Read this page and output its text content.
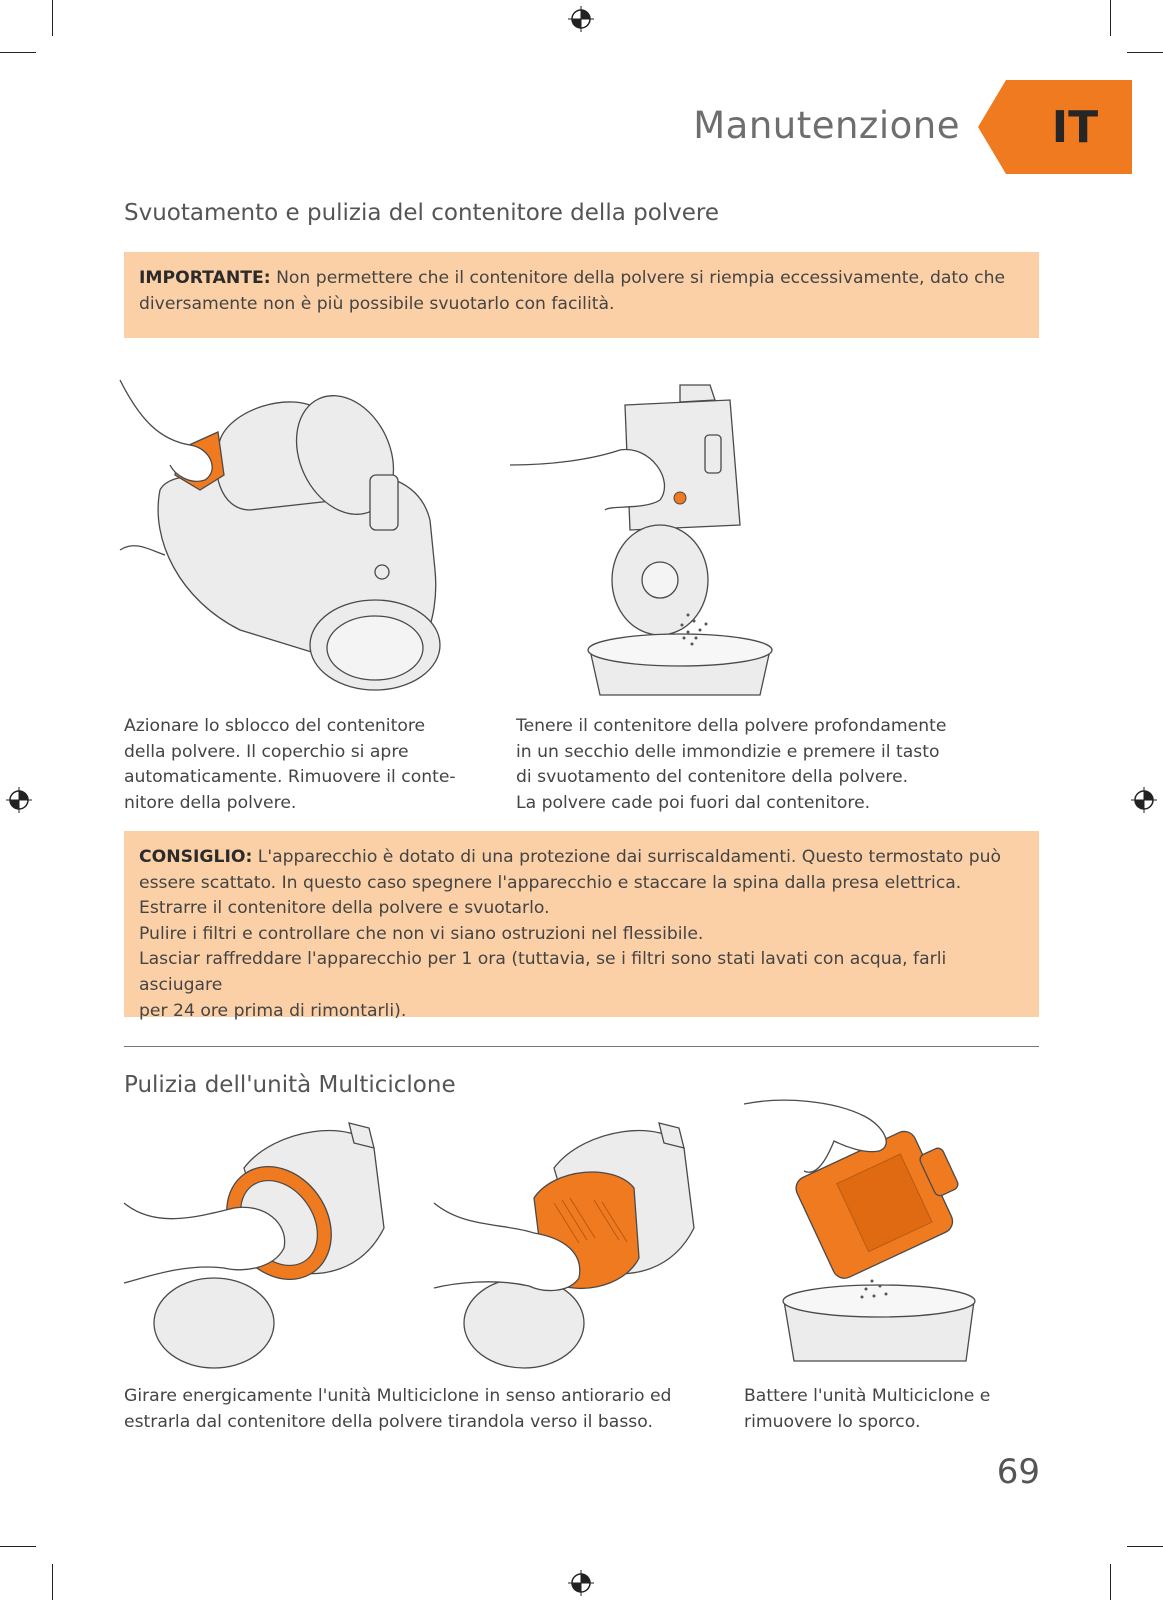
Manutenzione	IT
Svuotamento e pulizia del contenitore della polvere
IMPORTANTE: Non permettere che il contenitore della polvere si riempia eccessivamente, dato che
diversamente non è più possibile svuotarlo con facilità.
Azionare lo sblocco del contenitore
della polvere. Il coperchio si apre
automaticamente. Rimuovere il conte-
nitore della polvere.
Tenere il contenitore della polvere profondamente
in un secchio delle immondizie e premere il tasto
di svuotamento del contenitore della polvere.
La polvere cade poi fuori dal contenitore.
CONSIGLIO: L'apparecchio è dotato di una protezione dai surriscaldamenti. Questo termostato può
essere scattato. In questo caso spegnere l'apparecchio e staccare la spina dalla presa elettrica.
Estrarre il contenitore della polvere e svuotarlo.
Pulire i filtri e controllare che non vi siano ostruzioni nel flessibile.
Lasciar raffreddare l'apparecchio per 1 ora (tuttavia, se i filtri sono stati lavati con acqua, farli asciugare
per 24 ore prima di rimontarli).
Pulizia dell'unità Multiciclone
Girare energicamente l'unità Multiciclone in senso antiorario ed
estrarla dal contenitore della polvere tirandola verso il basso.
Battere l'unità Multiciclone e
rimuovere lo sporco.
69
